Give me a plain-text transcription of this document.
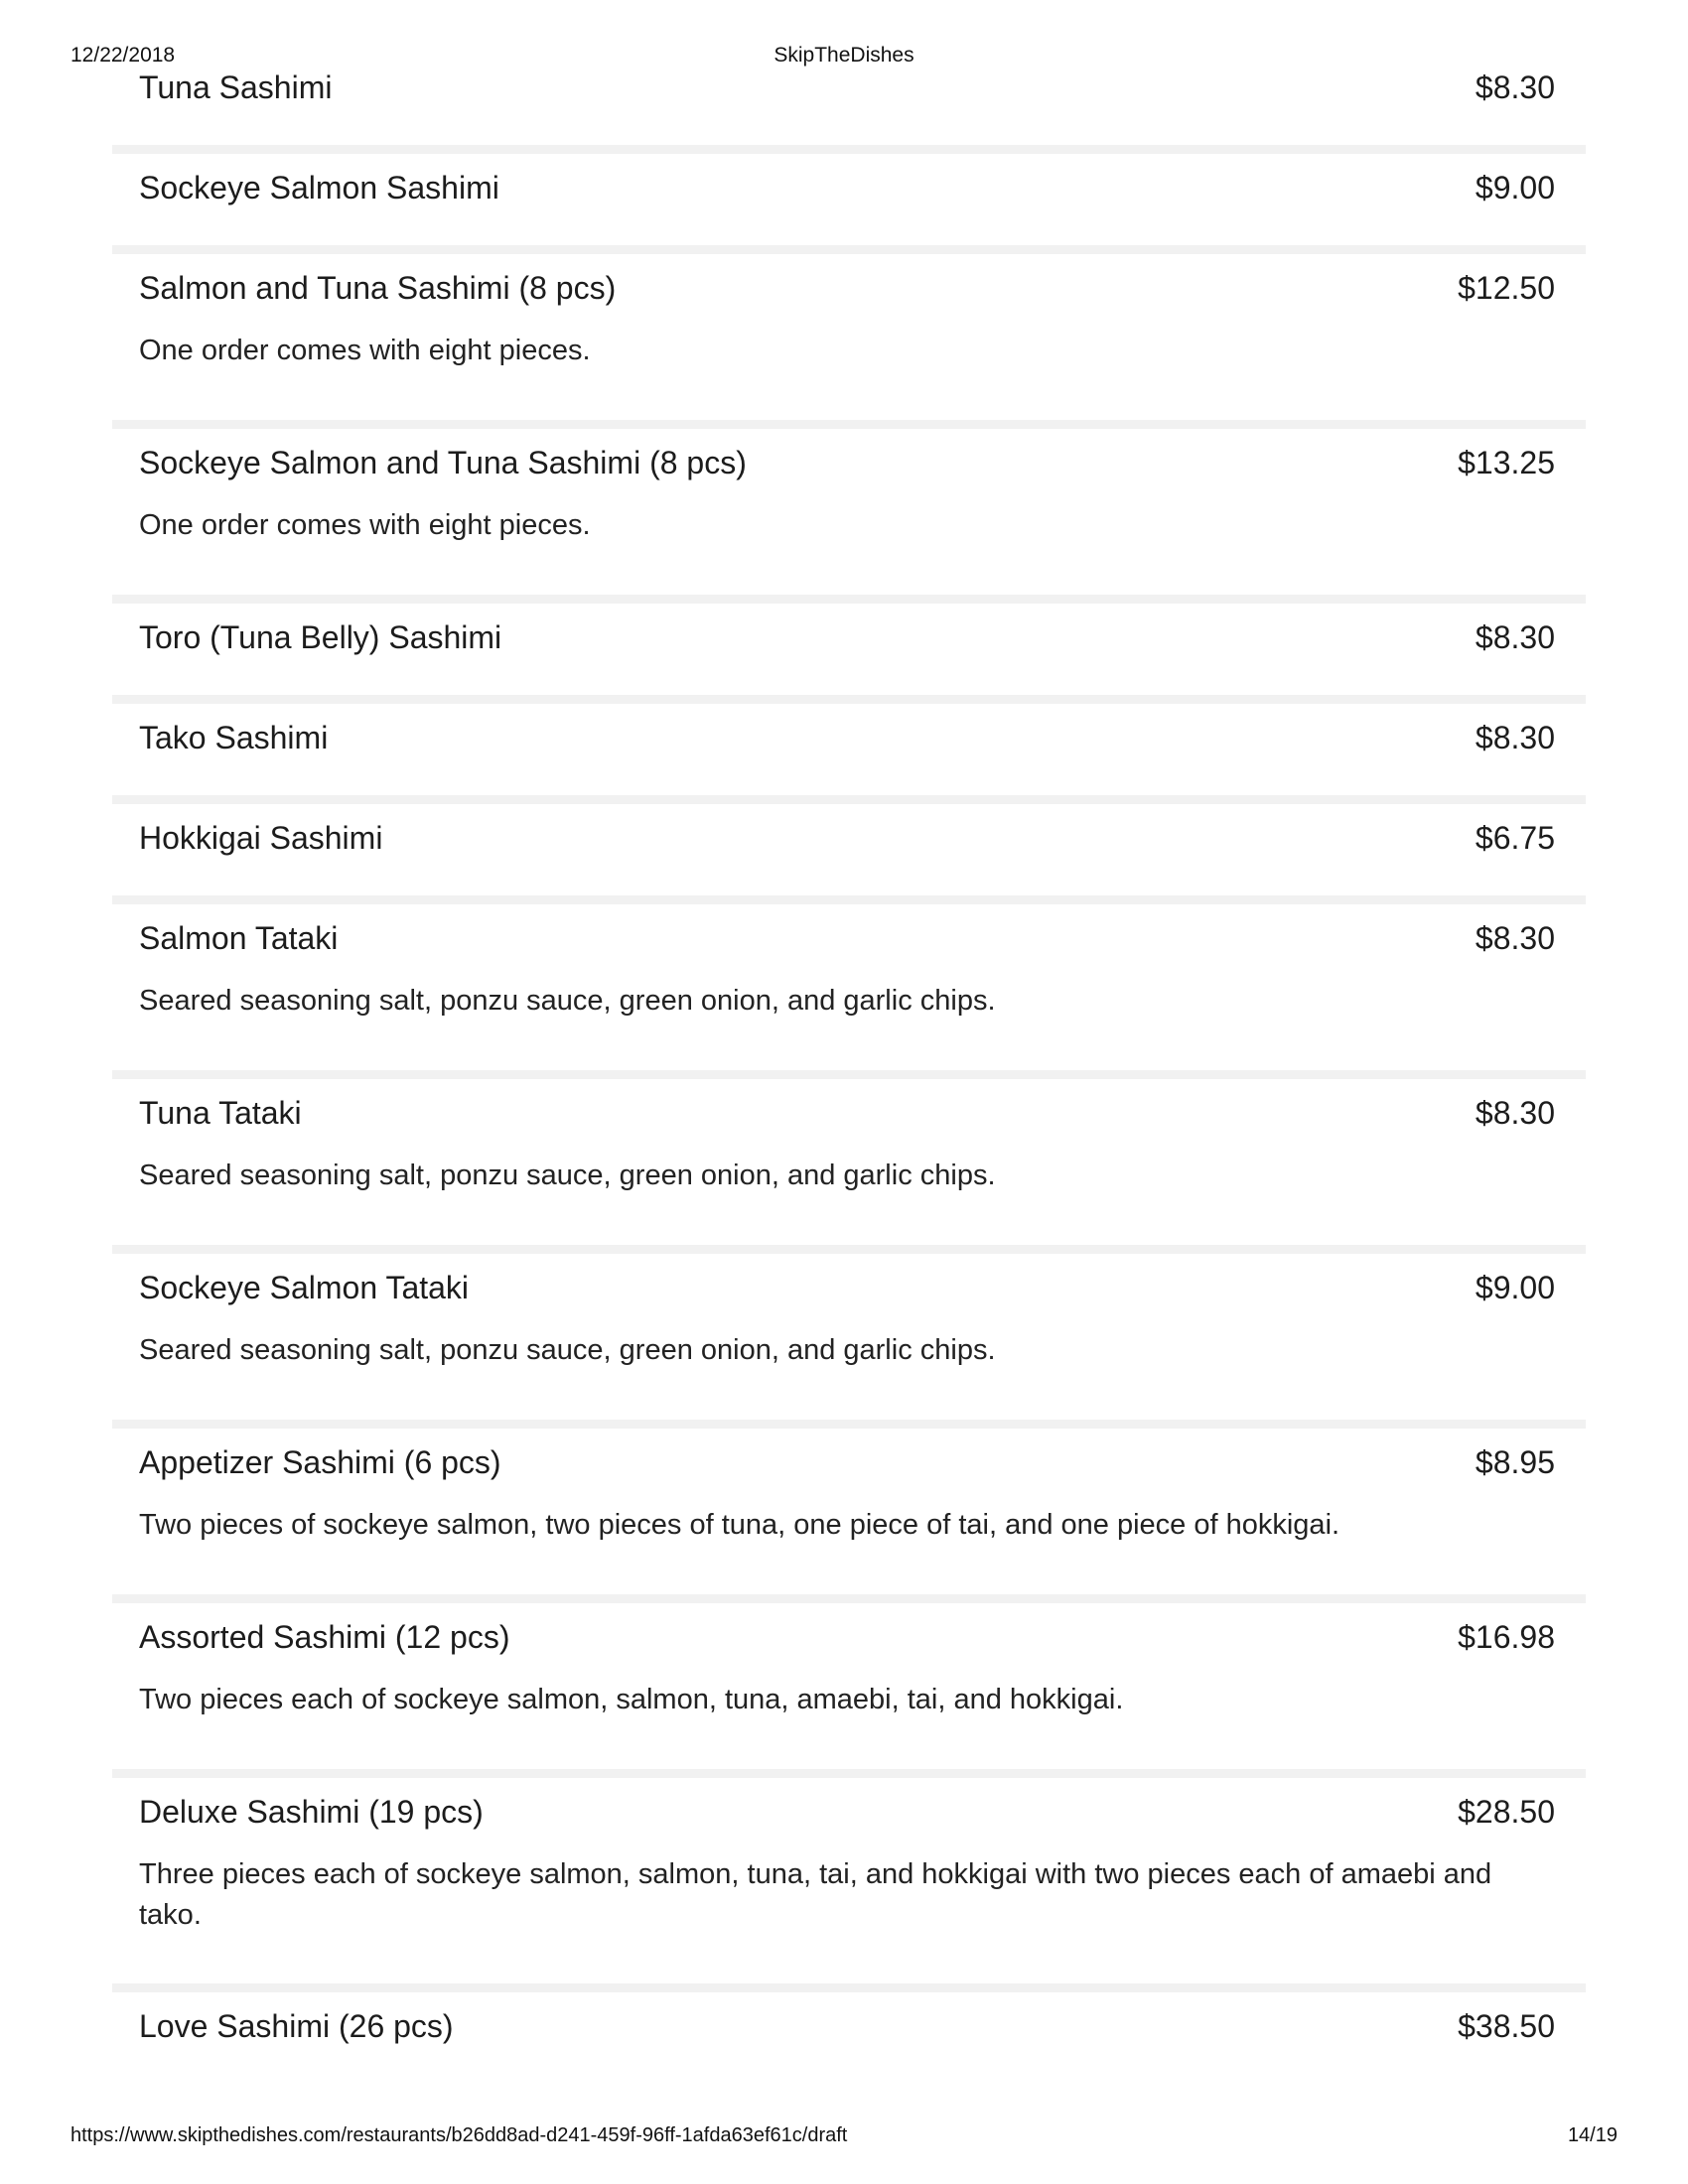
12/22/2018	SkipTheDishes
Tuna Sashimi	$8.30
Sockeye Salmon Sashimi	$9.00
Salmon and Tuna Sashimi (8 pcs)	$12.50
One order comes with eight pieces.
Sockeye Salmon and Tuna Sashimi (8 pcs)	$13.25
One order comes with eight pieces.
Toro (Tuna Belly) Sashimi	$8.30
Tako Sashimi	$8.30
Hokkigai Sashimi	$6.75
Salmon Tataki	$8.30
Seared seasoning salt, ponzu sauce, green onion, and garlic chips.
Tuna Tataki	$8.30
Seared seasoning salt, ponzu sauce, green onion, and garlic chips.
Sockeye Salmon Tataki	$9.00
Seared seasoning salt, ponzu sauce, green onion, and garlic chips.
Appetizer Sashimi (6 pcs)	$8.95
Two pieces of sockeye salmon, two pieces of tuna, one piece of tai, and one piece of hokkigai.
Assorted Sashimi (12 pcs)	$16.98
Two pieces each of sockeye salmon, salmon, tuna, amaebi, tai, and hokkigai.
Deluxe Sashimi (19 pcs)	$28.50
Three pieces each of sockeye salmon, salmon, tuna, tai, and hokkigai with two pieces each of amaebi and tako.
Love Sashimi (26 pcs)	$38.50
https://www.skipthedishes.com/restaurants/b26dd8ad-d241-459f-96ff-1afda63ef61c/draft	14/19
